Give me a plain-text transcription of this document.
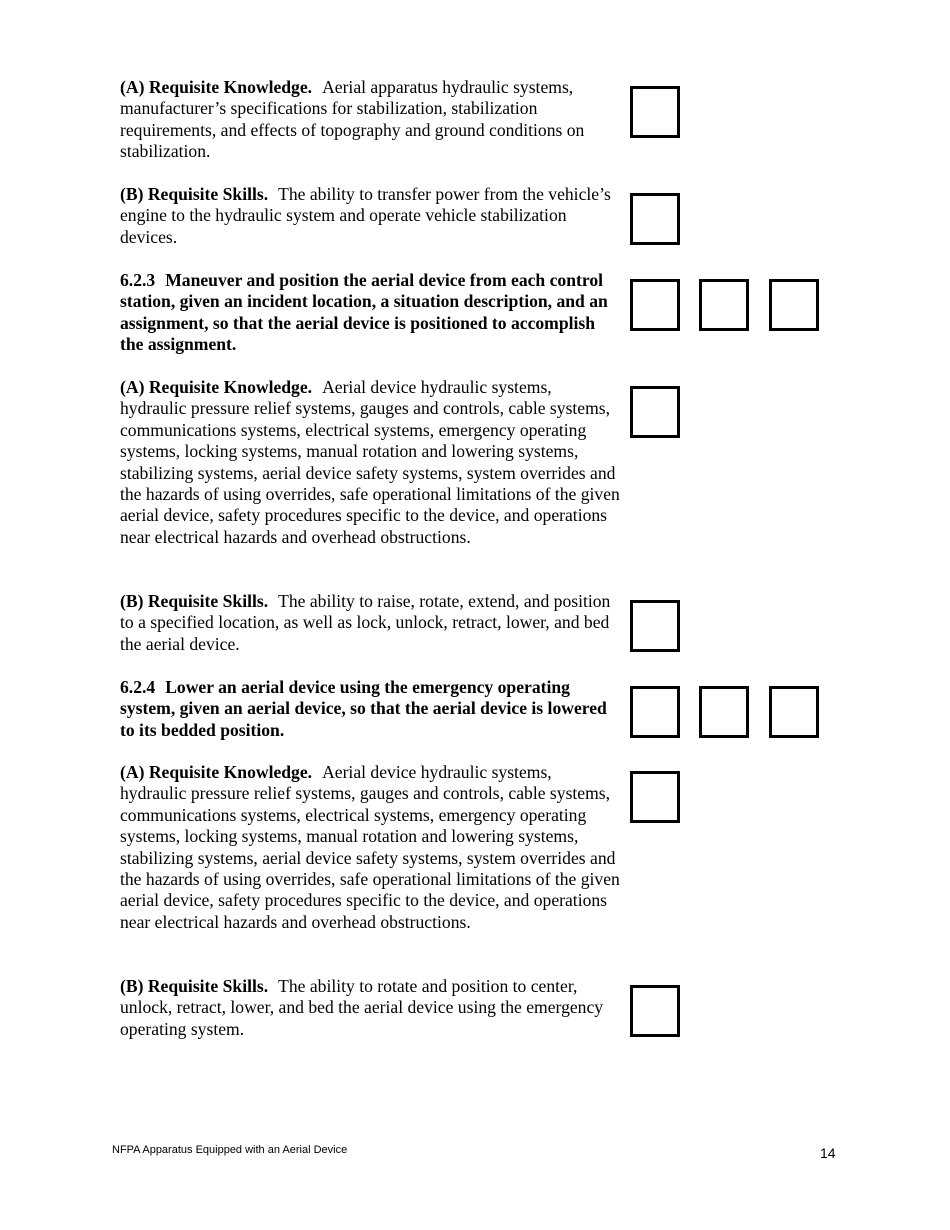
(A) Requisite Knowledge. Aerial apparatus hydraulic systems, manufacturer’s specifications for stabilization, stabilization requirements, and effects of topography and ground conditions on stabilization.
(B) Requisite Skills. The ability to transfer power from the vehicle’s engine to the hydraulic system and operate vehicle stabilization devices.
6.2.3 Maneuver and position the aerial device from each control station, given an incident location, a situation description, and an assignment, so that the aerial device is positioned to accomplish the assignment.
(A) Requisite Knowledge. Aerial device hydraulic systems, hydraulic pressure relief systems, gauges and controls, cable systems, communications systems, electrical systems, emergency operating systems, locking systems, manual rotation and lowering systems, stabilizing systems, aerial device safety systems, system overrides and the hazards of using overrides, safe operational limitations of the given aerial device, safety procedures specific to the device, and operations near electrical hazards and overhead obstructions.
(B) Requisite Skills. The ability to raise, rotate, extend, and position to a specified location, as well as lock, unlock, retract, lower, and bed the aerial device.
6.2.4 Lower an aerial device using the emergency operating system, given an aerial device, so that the aerial device is lowered to its bedded position.
(A) Requisite Knowledge. Aerial device hydraulic systems, hydraulic pressure relief systems, gauges and controls, cable systems, communications systems, electrical systems, emergency operating systems, locking systems, manual rotation and lowering systems, stabilizing systems, aerial device safety systems, system overrides and the hazards of using overrides, safe operational limitations of the given aerial device, safety procedures specific to the device, and operations near electrical hazards and overhead obstructions.
(B) Requisite Skills. The ability to rotate and position to center, unlock, retract, lower, and bed the aerial device using the emergency operating system.
NFPA Apparatus Equipped with an Aerial Device	14
